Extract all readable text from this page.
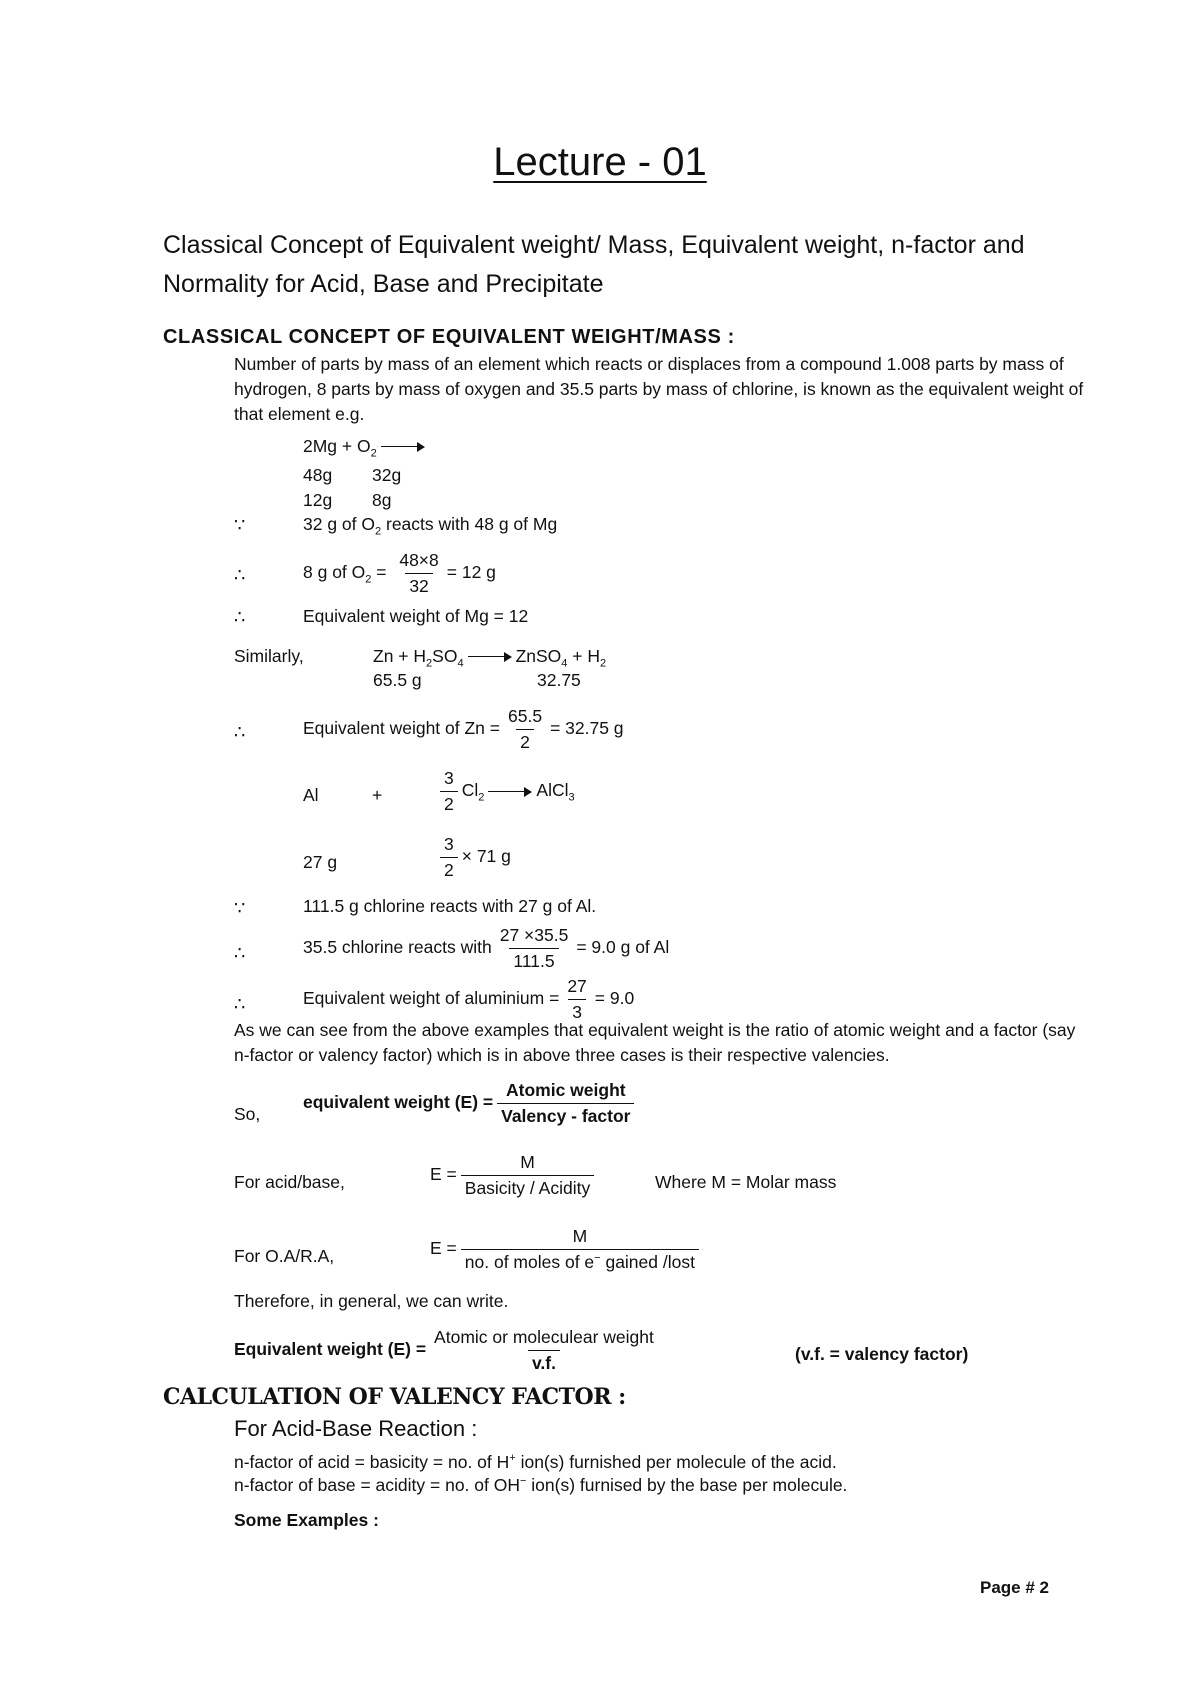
Lecture - 01
Classical Concept of Equivalent weight/ Mass, Equivalent weight, n-factor and Normality for Acid, Base and Precipitate
CLASSICAL CONCEPT OF EQUIVALENT WEIGHT/MASS :
Number of parts by mass of an element which reacts or displaces from a compound 1.008 parts by mass of hydrogen, 8 parts by mass of oxygen and 35.5 parts by mass of chlorine, is known as the equivalent weight of that element e.g.
$2Mg + O_2$
48g 32g
12g 8g
∵	32 g of $O_2$ reacts with 48 g of Mg
∴	8 g of $O_2 = \frac{48\times 8}{32} = 12$ g
∴	Equivalent weight of Mg = 12
Similarly,	$Zn + H_2SO_4$	ZnSO$_4$ + $H_2$
65.5 g	32.75
∴	Equivalent weight of $Zn = \frac{65.5}{2} = 32.75$ g
Al	+	$\frac{3}{2} Cl_2$	AlCl$_3$
27 g	$\frac{3}{2} \times 71$ g
∵	111.5 g chlorine reacts with 27 g of Al.
∴	35.5 chlorine reacts with $\frac{27 \times 35.5}{111.5} = 9.0$ g of Al
∴	Equivalent weight of aluminium = $\frac{27}{3} = 9.0$
As we can see from the above examples that equivalent weight is the ratio of atomic weight and a factor (say n-factor or valency factor) which is in above three cases is their respective valencies.
So,
equivalent weight $(E) = \frac{\text{Atomic weight}}{\text{Valency - factor}}$
For acid/base,	$E = \frac{M}{\text{Basicity / Acidity}}$	Where M = Molar mass
For O.A/R.A,	$E = \frac{M}{no. of moles of e^- gained /lost}$
Therefore, in general, we can write.
Equivalent weight $(E) = \frac{\text{Atomic or moleculear weight}}{v.f.}$	(v.f. = valency factor)
CALCULATION OF VALENCY FACTOR :
For Acid-Base Reaction :
n-factor of acid = basicity = no. of H+ ion(s) furnished per molecule of the acid.
n-factor of base = acidity = no. of OH− ion(s) furnised by the base per molecule.
Some Examples :
Page # 2
